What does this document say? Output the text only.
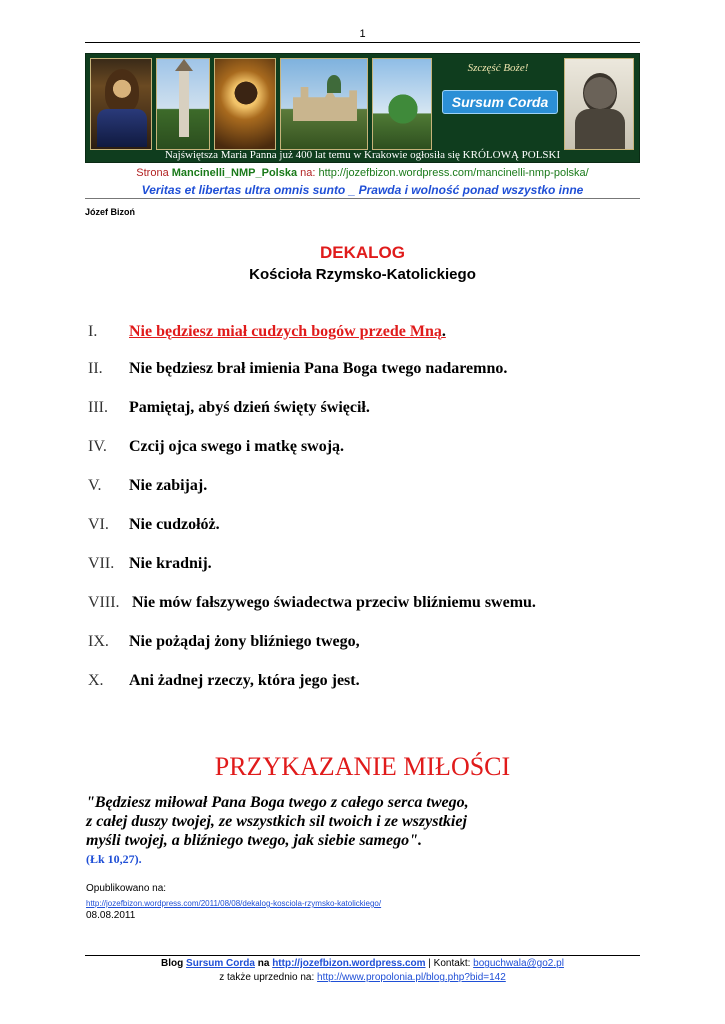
1
Szczęść Boże!
Sursum Corda
Najświętsza Maria Panna już 400 lat temu w Krakowie ogłosiła się KRÓLOWĄ POLSKI
Strona Mancinelli_NMP_Polska na: http://jozefbizon.wordpress.com/mancinelli-nmp-polska/
Veritas et libertas ultra omnis sunto _ Prawda i wolność ponad wszystko inne
Józef Bizoń
DEKALOG
Kościoła Rzymsko-Katolickiego
I. Nie będziesz miał cudzych bogów przede Mną.
II. Nie będziesz brał imienia Pana Boga twego nadaremno.
III. Pamiętaj, abyś dzień święty święcił.
IV. Czcij ojca swego i matkę swoją.
V. Nie zabijaj.
VI. Nie cudzołóż.
VII. Nie kradnij.
VIII. Nie mów fałszywego świadectwa przeciw bliźniemu swemu.
IX. Nie pożądaj żony bliźniego twego,
X. Ani żadnej rzeczy, która jego jest.
PRZYKAZANIE MIŁOŚCI
"Będziesz miłował Pana Boga twego z całego serca twego,
z całej duszy twojej, ze wszystkich sil twoich i ze wszystkiej
myśli twojej, a bliźniego twego, jak siebie samego".
(Łk 10,27).
Opublikowano na:
http://jozefbizon.wordpress.com/2011/08/08/dekalog-kosciola-rzymsko-katolickiego/
08.08.2011
Blog Sursum Corda na http://jozefbizon.wordpress.com | Kontakt: boguchwala@go2.pl
z także uprzednio na: http://www.propolonia.pl/blog.php?bid=142
